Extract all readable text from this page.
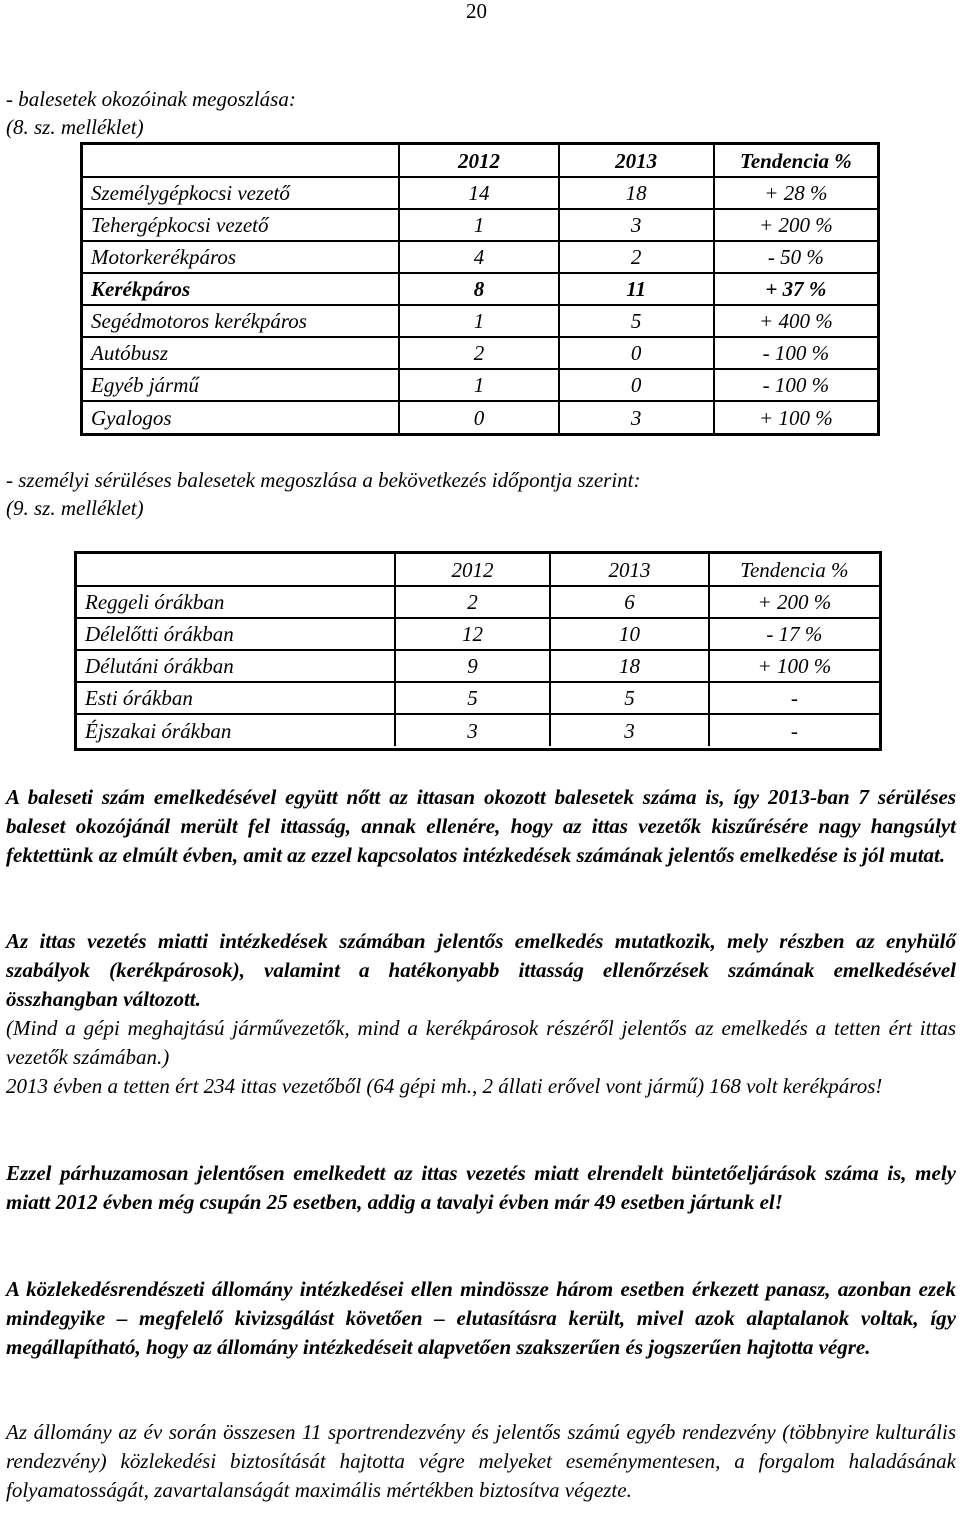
20

- balesetek okozóinak megoszlása:

(8. sz. melléklet)

	2012	2013	Tendencia %
Személygépkocsi vezető	14	18	+ 28 %
Tehergépkocsi vezető	1	3	+ 200 %
Motorkerékpáros	4	2	- 50 %
Kerékpáros	8	11	+ 37 %
Segédmotoros kerékpáros	1	5	+ 400 %
Autóbusz	2	0	- 100 %
Egyéb jármű	1	0	- 100 %
Gyalogos	0	3	+ 100 %

- személyi sérüléses balesetek megoszlása a bekövetkezés időpontja szerint:

(9. sz. melléklet)

	2012	2013	Tendencia %
Reggeli órákban	2	6	+ 200 %
Délelőtti órákban	12	10	- 17 %
Délutáni órákban	9	18	+ 100 %
Esti órákban	5	5	-
Éjszakai órákban	3	3	-

A baleseti szám emelkedésével együtt nőtt az ittasan okozott balesetek száma is, így 2013-ban 7 sérüléses baleset okozójánál merült fel ittasság, annak ellenére, hogy az ittas vezetők kiszűrésére nagy hangsúlyt fektettünk az elmúlt évben, amit az ezzel kapcsolatos intézkedések számának jelentős emelkedése is jól mutat.

Az ittas vezetés miatti intézkedések számában jelentős emelkedés mutatkozik, mely részben az enyhülő szabályok (kerékpárosok), valamint a hatékonyabb ittasság ellenőrzések számának emelkedésével összhangban változott.
(Mind a gépi meghajtású járművezetők, mind a kerékpárosok részéről jelentős az emelkedés a tetten ért ittas vezetők számában.)
2013 évben a tetten ért 234 ittas vezetőből (64 gépi mh., 2 állati erővel vont jármű) 168 volt kerékpáros!

Ezzel párhuzamosan jelentősen emelkedett az ittas vezetés miatt elrendelt büntetőeljárások száma is, mely miatt 2012 évben még csupán 25 esetben, addig a tavalyi évben már 49 esetben jártunk el!

A közlekedésrendészeti állomány intézkedései ellen mindössze három esetben érkezett panasz, azonban ezek mindegyike – megfelelő kivizsgálást követően – elutasításra került, mivel azok alaptalanok voltak, így megállapítható, hogy az állomány intézkedéseit alapvetően szakszerűen és jogszerűen hajtotta végre.

Az állomány az év során összesen 11 sportrendezvény és jelentős számú egyéb rendezvény (többnyire kulturális rendezvény) közlekedési biztosítását hajtotta végre melyeket eseménymentesen, a forgalom haladásának folyamatosságát, zavartalanságát maximális mértékben biztosítva végezte.
